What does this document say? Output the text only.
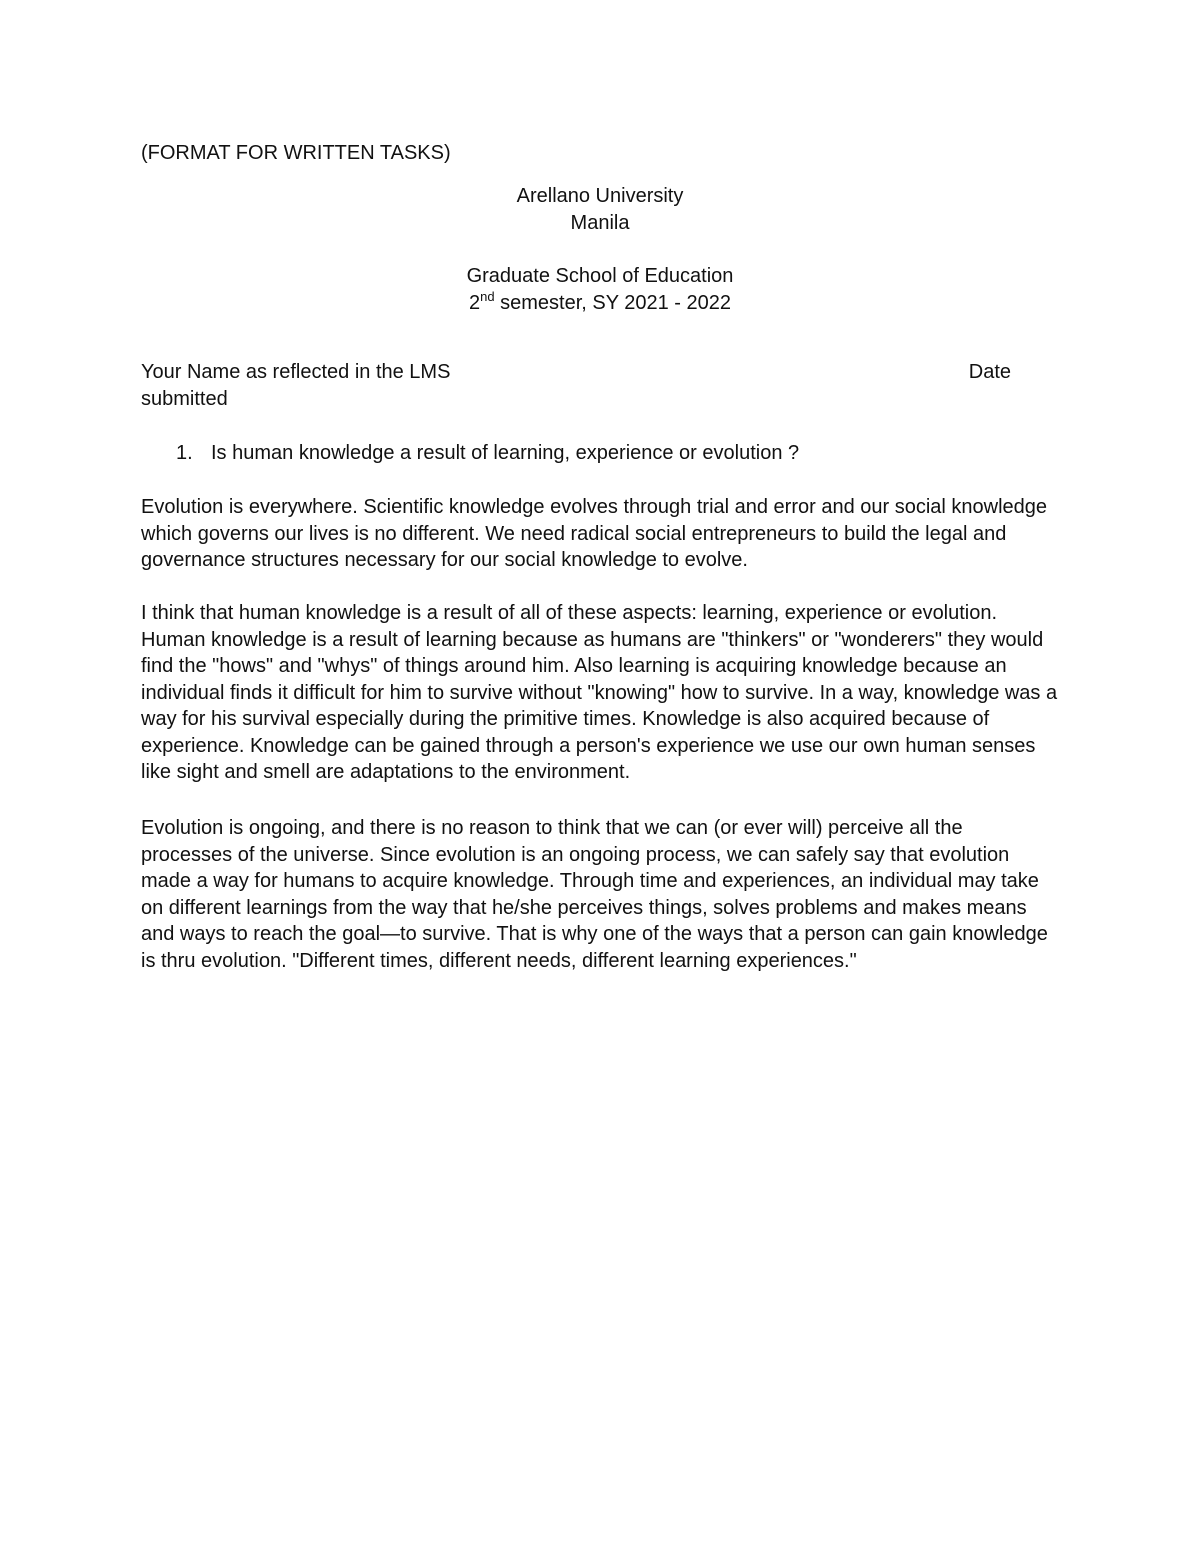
(FORMAT FOR WRITTEN TASKS)

Arellano University
Manila
Graduate School of Education
2nd semester, SY 2021 - 2022
Your Name as reflected in the LMS	Date
submitted
1. Is human knowledge a result of learning, experience or evolution ?

Evolution is everywhere. Scientific knowledge evolves through trial and error and our social knowledge which governs our lives is no different. We need radical social entrepreneurs to build the legal and governance structures necessary for our social knowledge to evolve.

I think that human knowledge is a result of all of these aspects: learning, experience or evolution. Human knowledge is a result of learning because as humans are "thinkers" or "wonderers" they would find the "hows" and "whys" of things around him. Also learning is acquiring knowledge because an individual finds it difficult for him to survive without "knowing" how to survive. In a way, knowledge was a way for his survival especially during the primitive times. Knowledge is also acquired because of experience. Knowledge can be gained through a person's experience we use our own human senses like sight and smell are adaptations to the environment.

Evolution is ongoing, and there is no reason to think that we can (or ever will) perceive all the processes of the universe. Since evolution is an ongoing process, we can safely say that evolution made a way for humans to acquire knowledge. Through time and experiences, an individual may take on different learnings from the way that he/she perceives things, solves problems and makes means and ways to reach the goal—to survive. That is why one of the ways that a person can gain knowledge is thru evolution. "Different times, different needs, different learning experiences."
